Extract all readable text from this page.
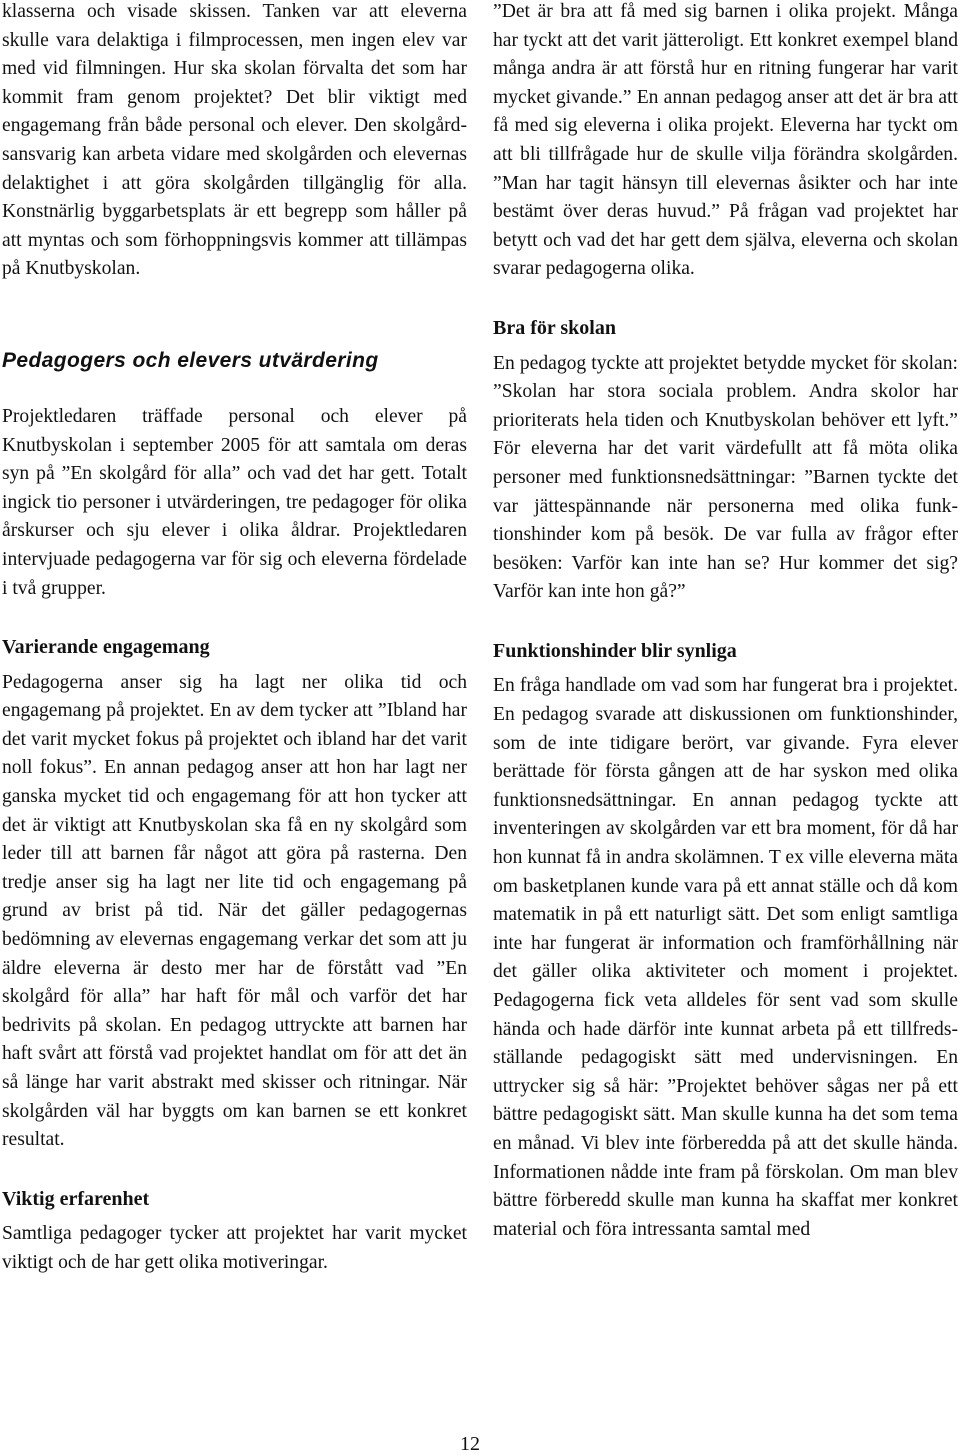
klasserna och visade skissen. Tanken var att eleverna skulle vara delaktiga i filmprocessen, men ingen elev var med vid filmningen. Hur ska skolan förvalta det som har kommit fram genom projektet? Det blir viktigt med engagemang från både personal och elever. Den skolgårdsansvarig kan arbeta vidare med skolgården och elevernas delaktighet i att göra skolgården tillgänglig för alla. Konstnärlig byggarbetsplats är ett begrepp som håller på att myntas och som förhoppningsvis kommer att tillämpas på Knutbyskolan.

Pedagogers och elevers utvärdering

Projektledaren träffade personal och elever på Knutbyskolan i september 2005 för att samtala om deras syn på ”En skolgård för alla” och vad det har gett. Totalt ingick tio personer i utvärderingen, tre pedagoger för olika årskurser och sju elever i olika åldrar. Projektledaren intervjuade pedagogerna var för sig och eleverna fördelade i två grupper.

Varierande engagemang

Pedagogerna anser sig ha lagt ner olika tid och engagemang på projektet. En av dem tycker att ”Ibland har det varit mycket fokus på projektet och ibland har det varit noll fokus”. En annan pedagog anser att hon har lagt ner ganska mycket tid och engagemang för att hon tycker att det är viktigt att Knutbyskolan ska få en ny skolgård som leder till att barnen får något att göra på rasterna. Den tredje anser sig ha lagt ner lite tid och engagemang på grund av brist på tid. När det gäller pedagogernas bedömning av elevernas engagemang verkar det som att ju äldre eleverna är desto mer har de förstått vad ”En skolgård för alla” har haft för mål och varför det har bedrivits på skolan. En pedagog uttryckte att barnen har haft svårt att förstå vad projektet handlat om för att det än så länge har varit abstrakt med skisser och ritningar. När skolgården väl har byggts om kan barnen se ett konkret resultat.

Viktig erfarenhet

Samtliga pedagoger tycker att projektet har varit mycket viktigt och de har gett olika motiveringar.

”Det är bra att få med sig barnen i olika projekt. Många har tyckt att det varit jätteroligt. Ett konkret exempel bland många andra är att förstå hur en ritning fungerar har varit mycket givande.” En annan pedagog anser att det är bra att få med sig eleverna i olika projekt. Eleverna har tyckt om att bli tillfrågade hur de skulle vilja förändra skolgården. ”Man har tagit hänsyn till elevernas åsikter och har inte bestämt över deras huvud.” På frågan vad projektet har betytt och vad det har gett dem själva, eleverna och skolan svarar pedagogerna olika.

Bra för skolan

En pedagog tyckte att projektet betydde mycket för skolan: ”Skolan har stora sociala problem. Andra skolor har prioriterats hela tiden och Knutbyskolan behöver ett lyft.” För eleverna har det varit värdefullt att få möta olika personer med funktionsnedsättningar: ”Barnen tyckte det var jättespännande när personerna med olika funktionshinder kom på besök. De var fulla av frågor efter besöken: Varför kan inte han se? Hur kommer det sig? Varför kan inte hon gå?”

Funktionshinder blir synliga

En fråga handlade om vad som har fungerat bra i projektet. En pedagog svarade att diskussionen om funktionshinder, som de inte tidigare berört, var givande. Fyra elever berättade för första gången att de har syskon med olika funktionsnedsättningar. En annan pedagog tyckte att inventeringen av skolgården var ett bra moment, för då har hon kunnat få in andra skolämnen. T ex ville eleverna mäta om basketplanen kunde vara på ett annat ställe och då kom matematik in på ett naturligt sätt. Det som enligt samtliga inte har fungerat är information och framförhållning när det gäller olika aktiviteter och moment i projektet. Pedagogerna fick veta alldeles för sent vad som skulle hända och hade därför inte kunnat arbeta på ett tillfredsställande pedagogiskt sätt med undervisningen. En uttrycker sig så här: ”Projektet behöver sågas ner på ett bättre pedagogiskt sätt. Man skulle kunna ha det som tema en månad. Vi blev inte förberedda på att det skulle hända. Informationen nådde inte fram på förskolan. Om man blev bättre förberedd skulle man kunna ha skaffat mer konkret material och föra intressanta samtal med

12
